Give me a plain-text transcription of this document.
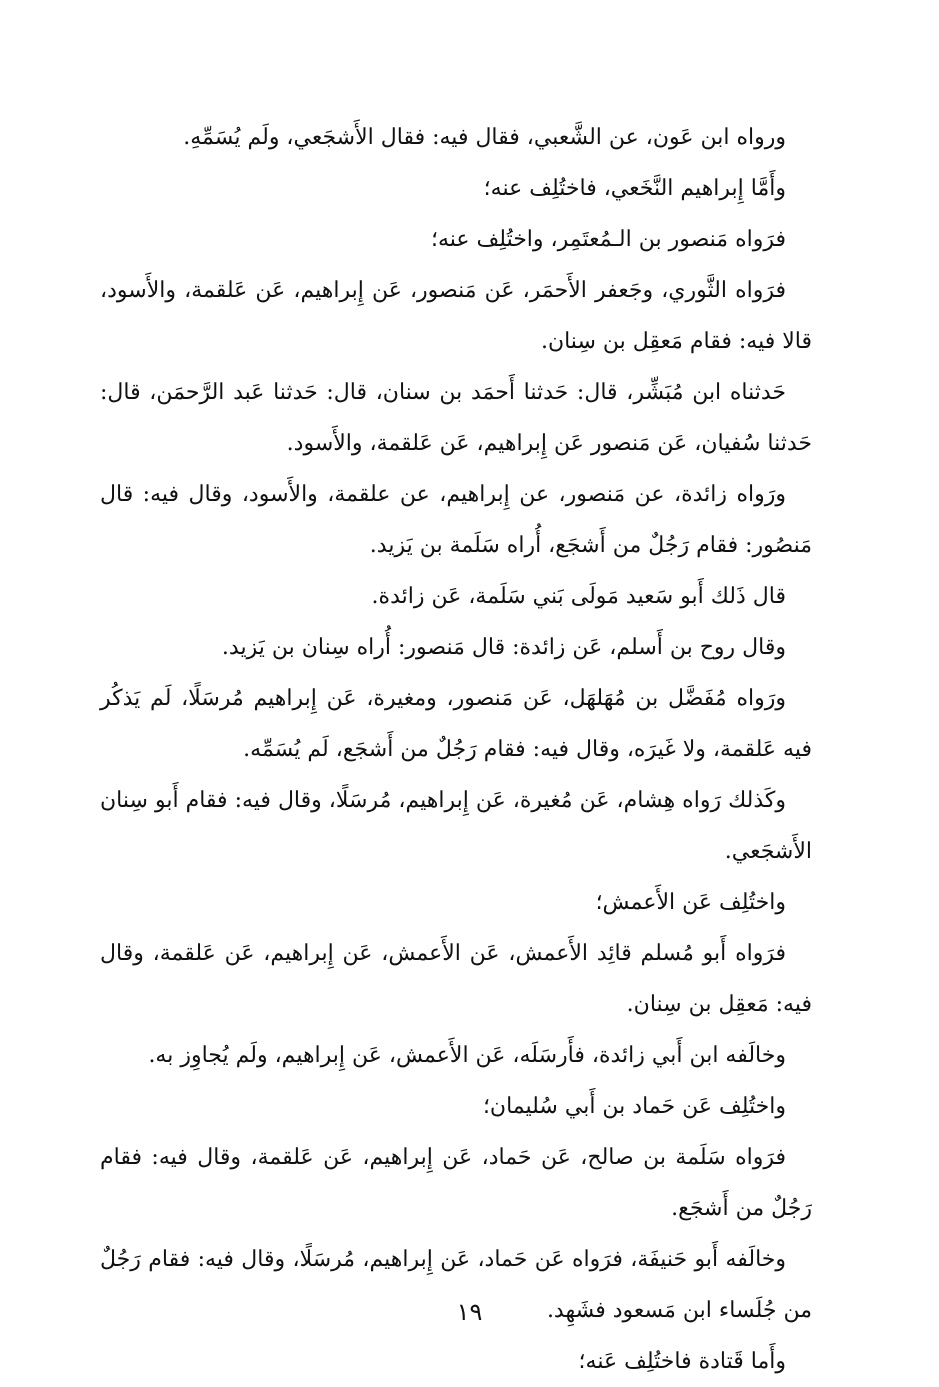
ورواه ابن عَون، عن الشَّعبي، فقال فيه: فقال الأَشجَعي، ولَم يُسَمِّهِ.

وأَمَّا إِبراهيم النَّخَعي، فاختُلِف عنه؛

فرَواه مَنصور بن الـمُعتَمِر، واختُلِف عنه؛

فرَواه الثَّوري، وجَعفر الأَحمَر، عَن مَنصور، عَن إِبراهيم، عَن عَلقمة، والأَسود، قالا فيه: فقام مَعقِل بن سِنان.

حَدثناه ابن مُبَشِّر، قال: حَدثنا أَحمَد بن سنان، قال: حَدثنا عَبد الرَّحمَن، قال: حَدثنا سُفيان، عَن مَنصور عَن إِبراهيم، عَن عَلقمة، والأَسود.

ورَواه زائدة، عن مَنصور، عن إِبراهيم، عن علقمة، والأَسود، وقال فيه: قال مَنصُور: فقام رَجُلٌ من أَشجَع، أُراه سَلَمة بن يَزيد.

قال ذَلك أَبو سَعيد مَولَى بَني سَلَمة، عَن زائدة.

وقال روح بن أَسلم، عَن زائدة: قال مَنصور: أُراه سِنان بن يَزيد.

ورَواه مُفَضَّل بن مُهَلهَل، عَن مَنصور، ومغيرة، عَن إِبراهيم مُرسَلًا، لَم يَذكُر فيه عَلقمة، ولا غَيرَه، وقال فيه: فقام رَجُلٌ من أَشجَع، لَم يُسَمِّه.

وكَذلك رَواه هِشام، عَن مُغيرة، عَن إِبراهيم، مُرسَلًا، وقال فيه: فقام أَبو سِنان الأَشجَعي.

واختُلِف عَن الأَعمش؛

فرَواه أَبو مُسلم قائِد الأَعمش، عَن الأَعمش، عَن إِبراهيم، عَن عَلقمة، وقال فيه: مَعقِل بن سِنان.

وخالَفه ابن أَبي زائدة، فأَرسَلَه، عَن الأَعمش، عَن إِبراهيم، ولَم يُجاوِز به.

واختُلِف عَن حَماد بن أَبي سُليمان؛

فرَواه سَلَمة بن صالح، عَن حَماد، عَن إِبراهيم، عَن عَلقمة، وقال فيه: فقام رَجُلٌ من أَشجَع.

وخالَفه أَبو حَنيفَة، فرَواه عَن حَماد، عَن إِبراهيم، مُرسَلًا، وقال فيه: فقام رَجُلٌ من جُلَساء ابن مَسعود فشَهِد.

وأَما قَتادة فاختُلِف عَنه؛

١٩
